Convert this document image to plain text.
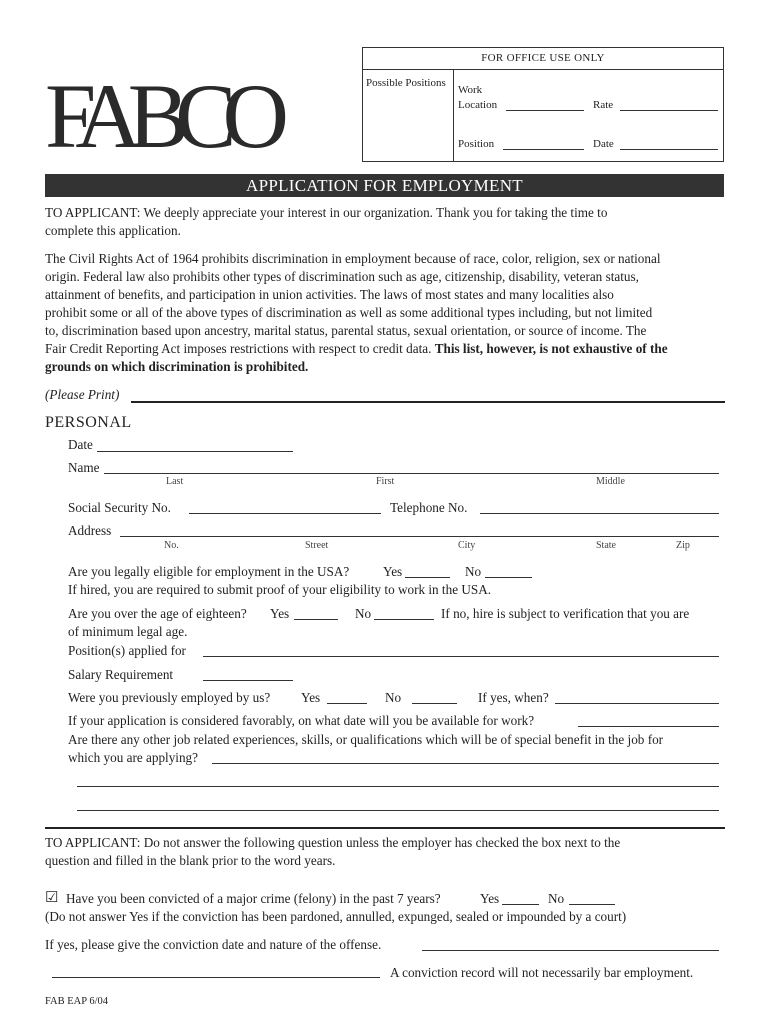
FABCO
FOR OFFICE USE ONLY
Possible Positions
Work
Location	Rate
Position	Date
APPLICATION FOR EMPLOYMENT
TO APPLICANT: We deeply appreciate your interest in our organization. Thank you for taking the time to
complete this application.
The Civil Rights Act of 1964 prohibits discrimination in employment because of race, color, religion, sex or national
origin. Federal law also prohibits other types of discrimination such as age, citizenship, disability, veteran status,
attainment of benefits, and participation in union activities. The laws of most states and many localities also
prohibit some or all of the above types of discrimination as well as some additional types including, but not limited
to, discrimination based upon ancestry, marital status, parental status, sexual orientation, or source of income. The
Fair Credit Reporting Act imposes restrictions with respect to credit data. This list, however, is not exhaustive of the
grounds on which discrimination is prohibited.
(Please Print)
PERSONAL
Date
Name
Last	First	Middle
Social Security No.	Telephone No.
Address
No.	Street	City	State	Zip
Are you legally eligible for employment in the USA?	Yes	No
If hired, you are required to submit proof of your eligibility to work in the USA.
Are you over the age of eighteen? Yes	No	If no, hire is subject to verification that you are
of minimum legal age.
Position(s) applied for
Salary Requirement
Were you previously employed by us? Yes	No	If yes, when?
If your application is considered favorably, on what date will you be available for work?
Are there any other job related experiences, skills, or qualifications which will be of special benefit in the job for
which you are applying?
TO APPLICANT: Do not answer the following question unless the employer has checked the box next to the
question and filled in the blank prior to the word years.
☑ Have you been convicted of a major crime (felony) in the past 7 years?	Yes	No
(Do not answer Yes if the conviction has been pardoned, annulled, expunged, sealed or impounded by a court)
If yes, please give the conviction date and nature of the offense.
A conviction record will not necessarily bar employment.
FAB EAP 6/04
